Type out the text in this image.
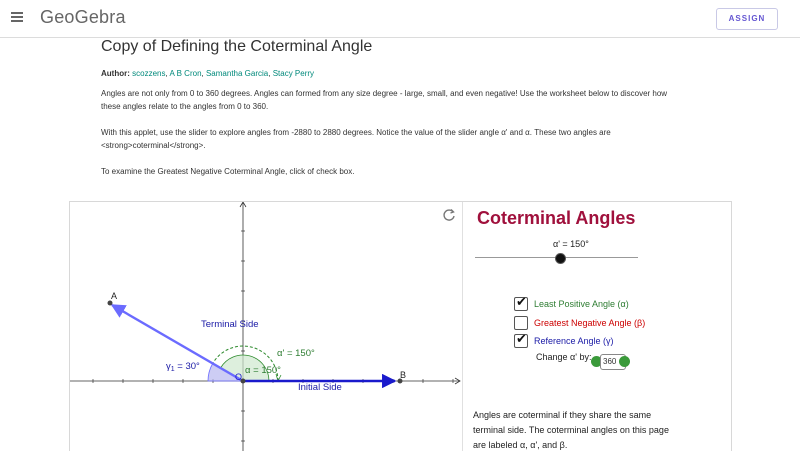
GeoGebra	ASSIGN
Copy of Defining the Coterminal Angle
Author: scozzens, A B Cron, Samantha Garcia, Stacy Perry
Angles are not only from 0 to 360 degrees. Angles can formed from any size degree - large, small, and even negative! Use the worksheet below to discover how these angles relate to the angles from 0 to 360.
With this applet, use the slider to explore angles from -2880 to 2880 degrees. Notice the value of the slider angle α' and α. These two angles are <strong>coterminal</strong>.
To examine the Greatest Negative Coterminal Angle, click of check box.
A
B
O
Terminal Side
Initial Side
α' = 150°
α = 150°
$\gamma_1 = 30^\circ$
Coterminal Angles
α' = 150°
✔ Least Positive Angle (α)
Greatest Negative Angle (β)
✔ Reference Angle (γ)
Change α' by:	360
Angles are coterminal if they share the same terminal side. The coterminal angles on this page are labeled α, α', and β.
